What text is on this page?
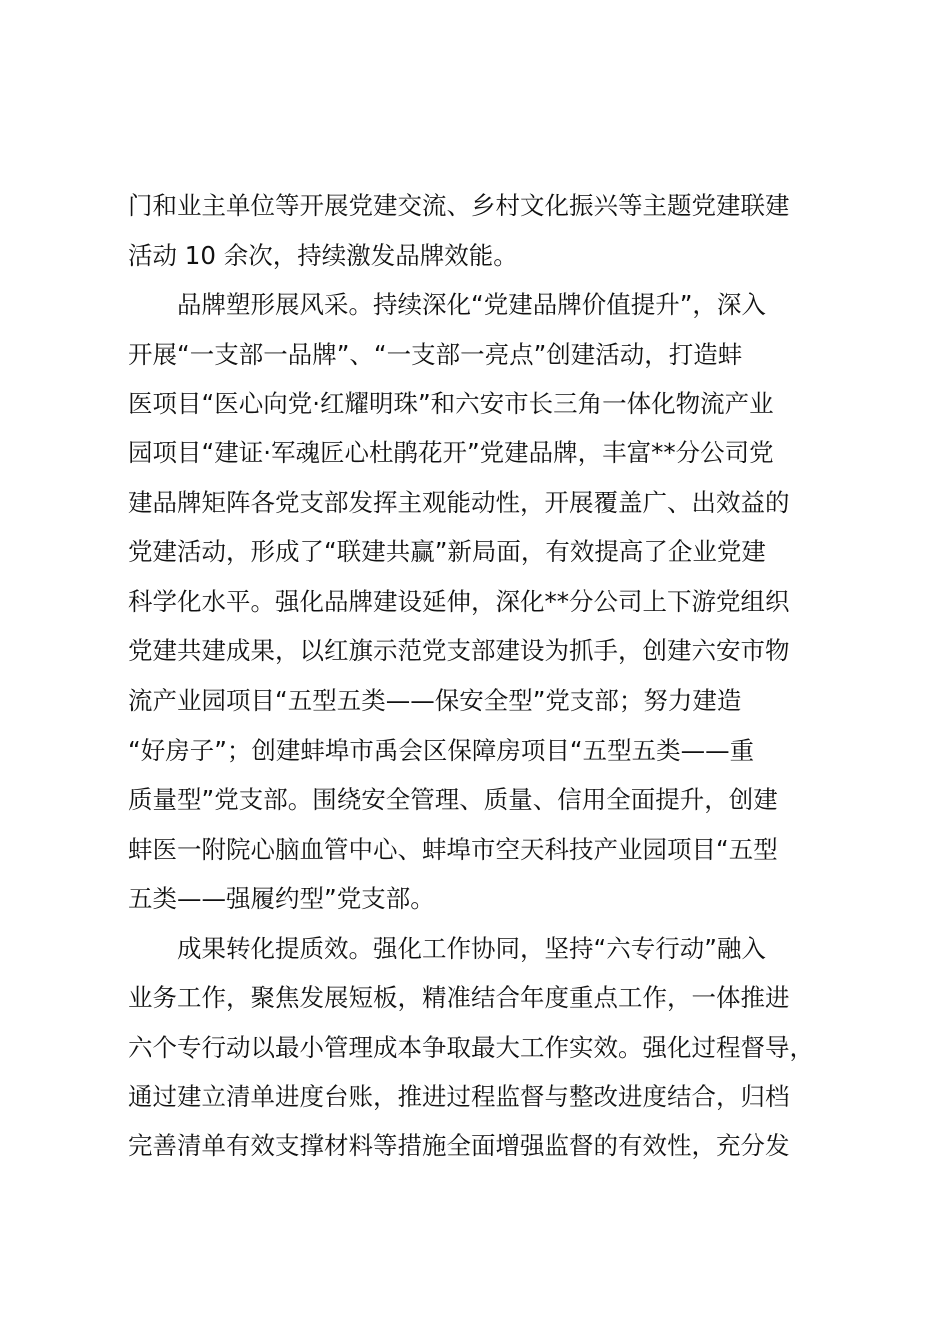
门和业主单位等开展党建交流、乡村文化振兴等主题党建联建
活动 10 余次，持续激发品牌效能。
品牌塑形展风采。持续深化“党建品牌价值提升”，深入
开展“一支部一品牌”、“一支部一亮点”创建活动，打造蚌
医项目“医心向党·红耀明珠”和六安市长三角一体化物流产业
园项目“建证·军魂匠心杜鹃花开”党建品牌，丰富**分公司党
建品牌矩阵各党支部发挥主观能动性，开展覆盖广、出效益的
党建活动，形成了“联建共赢”新局面，有效提高了企业党建
科学化水平。强化品牌建设延伸，深化**分公司上下游党组织
党建共建成果，以红旗示范党支部建设为抓手，创建六安市物
流产业园项目“五型五类——保安全型”党支部；努力建造
“好房子”；创建蚌埠市禹会区保障房项目“五型五类——重
质量型”党支部。围绕安全管理、质量、信用全面提升，创建
蚌医一附院心脑血管中心、蚌埠市空天科技产业园项目“五型
五类——强履约型”党支部。
成果转化提质效。强化工作协同，坚持“六专行动”融入
业务工作，聚焦发展短板，精准结合年度重点工作，一体推进
六个专行动以最小管理成本争取最大工作实效。强化过程督导，
通过建立清单进度台账，推进过程监督与整改进度结合，归档
完善清单有效支撑材料等措施全面增强监督的有效性，充分发
